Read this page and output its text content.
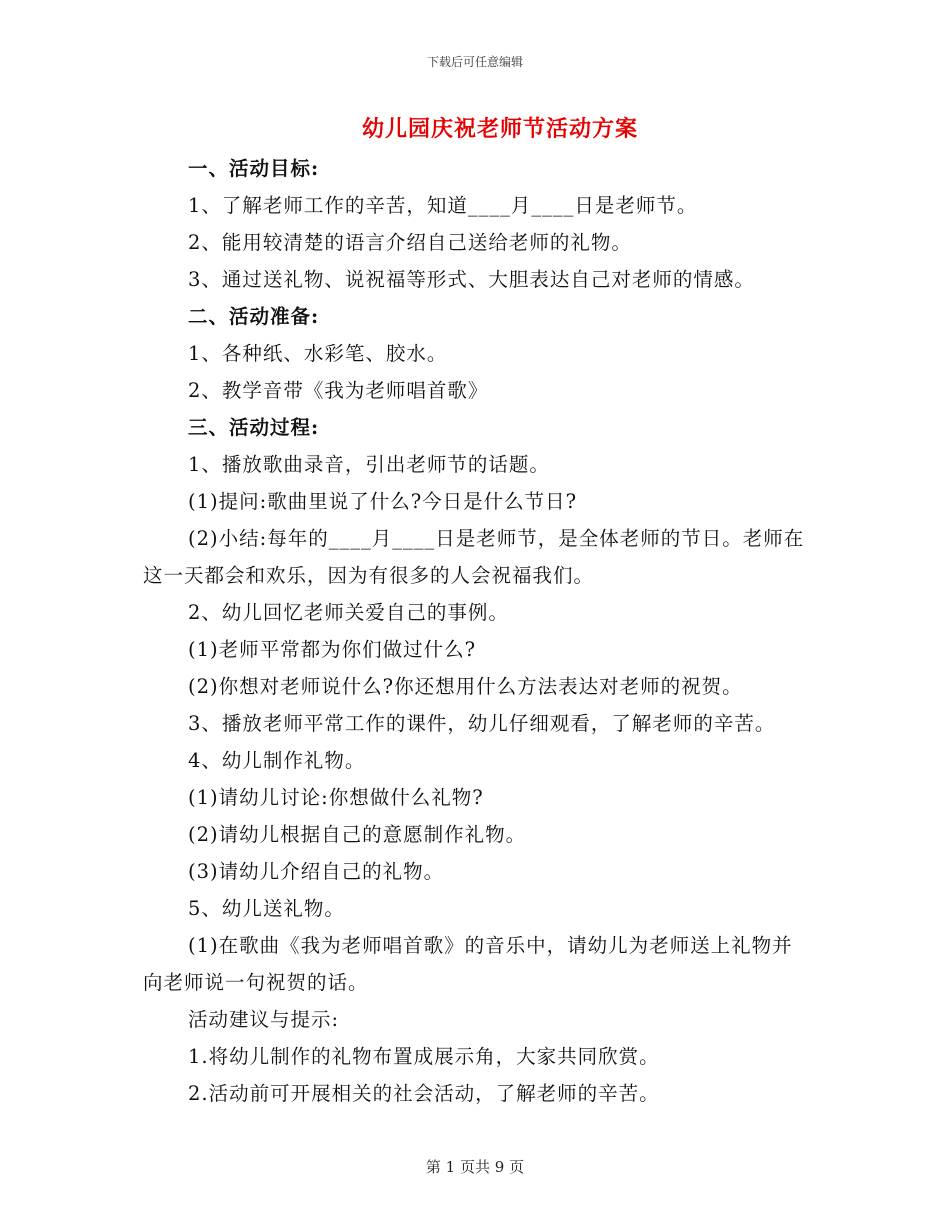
下载后可任意编辑
幼儿园庆祝老师节活动方案

一、活动目标:

1、了解老师工作的辛苦，知道____月____日是老师节。

2、能用较清楚的语言介绍自己送给老师的礼物。

3、通过送礼物、说祝福等形式、大胆表达自己对老师的情感。

二、活动准备:

1、各种纸、水彩笔、胶水。

2、教学音带《我为老师唱首歌》

三、活动过程:

1、播放歌曲录音，引出老师节的话题。

(1)提问:歌曲里说了什么?今日是什么节日?

(2)小结:每年的____月____日是老师节，是全体老师的节日。老师在这一天都会和欢乐，因为有很多的人会祝福我们。

2、幼儿回忆老师关爱自己的事例。

(1)老师平常都为你们做过什么?

(2)你想对老师说什么?你还想用什么方法表达对老师的祝贺。

3、播放老师平常工作的课件，幼儿仔细观看，了解老师的辛苦。

4、幼儿制作礼物。

(1)请幼儿讨论:你想做什么礼物?

(2)请幼儿根据自己的意愿制作礼物。

(3)请幼儿介绍自己的礼物。

5、幼儿送礼物。

(1)在歌曲《我为老师唱首歌》的音乐中，请幼儿为老师送上礼物并向老师说一句祝贺的话。

活动建议与提示:

1.将幼儿制作的礼物布置成展示角，大家共同欣赏。

2.活动前可开展相关的社会活动，了解老师的辛苦。

第 1 页共 9 页
